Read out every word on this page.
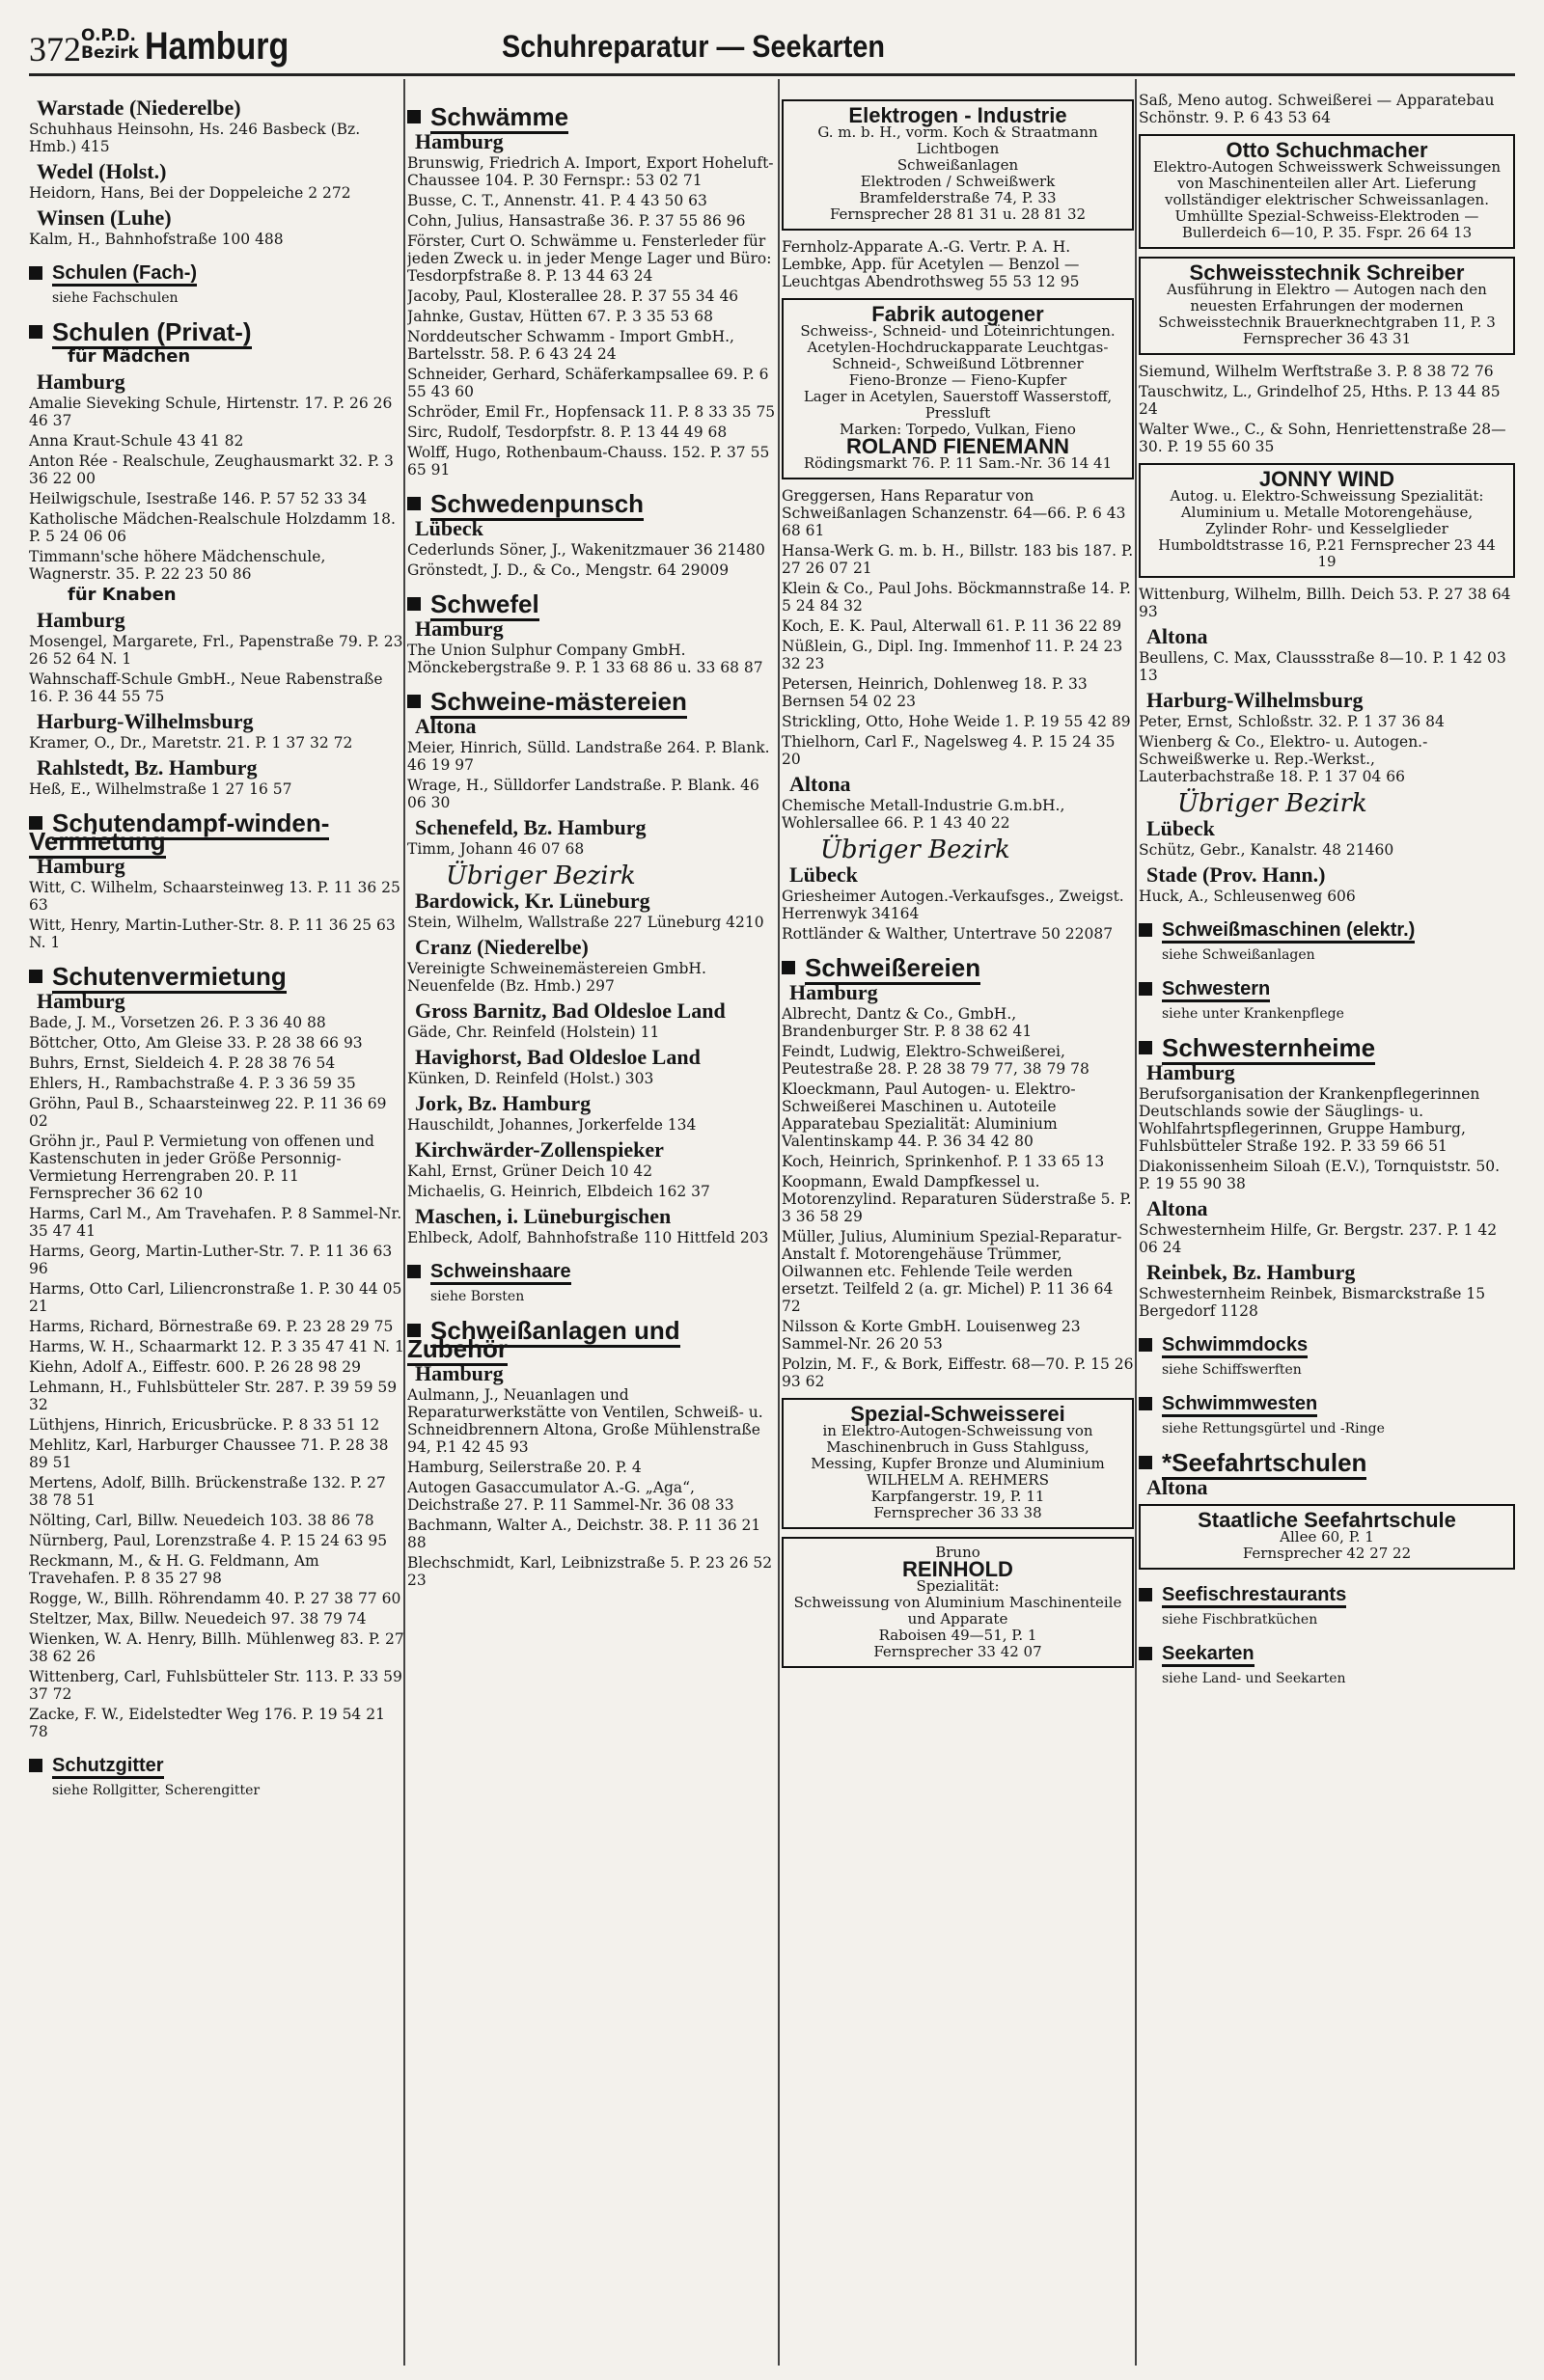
372 O.P.D.
Bezirk Hamburg	Schuhreparatur — Seekarten
Warstade (Niederelbe)
Schuhhaus Heinsohn, Hs. 246 Basbeck (Bz. Hmb.) 415
Wedel (Holst.)
Heidorn, Hans, Bei der Doppeleiche 2 272
Winsen (Luhe)
Kalm, H., Bahnhofstraße 100 488
Schulen (Fach-)
siehe Fachschulen
Schulen (Privat-)
für Mädchen
Hamburg
Amalie Sieveking Schule, Hirtenstr. 17. P. 26 26 46 37
Anna Kraut-Schule 43 41 82
Anton Rée - Realschule, Zeughausmarkt 32. P. 3 36 22 00
Heilwigschule, Isestraße 146. P. 57 52 33 34
Katholische Mädchen-Realschule Holzdamm 18. P. 5 24 06 06
Timmann'sche höhere Mädchenschule, Wagnerstr. 35. P. 22 23 50 86
für Knaben
Hamburg
Mosengel, Margarete, Frl., Papenstraße 79. P. 23 26 52 64 N. 1
Wahnschaff-Schule GmbH., Neue Rabenstraße 16. P. 36 44 55 75
Harburg-Wilhelmsburg
Kramer, O., Dr., Maretstr. 21. P. 1 37 32 72
Rahlstedt, Bz. Hamburg
Heß, E., Wilhelmstraße 1 27 16 57
Schutendampf-winden-Vermietung
Hamburg
Witt, C. Wilhelm, Schaarsteinweg 13. P. 11 36 25 63
Witt, Henry, Martin-Luther-Str. 8. P. 11 36 25 63 N. 1
Schutenvermietung
Hamburg
Bade, J. M., Vorsetzen 26. P. 3 36 40 88
Böttcher, Otto, Am Gleise 33. P. 28 38 66 93
Buhrs, Ernst, Sieldeich 4. P. 28 38 76 54
Ehlers, H., Rambachstraße 4. P. 3 36 59 35
Gröhn, Paul B., Schaarsteinweg 22. P. 11 36 69 02
Gröhn jr., Paul P. Vermietung von offenen und Kastenschuten in jeder Größe Personnig-Vermietung Herrengraben 20. P. 11 Fernsprecher 36 62 10
Harms, Carl M., Am Travehafen. P. 8 Sammel-Nr. 35 47 41
Harms, Georg, Martin-Luther-Str. 7. P. 11 36 63 96
Harms, Otto Carl, Liliencronstraße 1. P. 30 44 05 21
Harms, Richard, Börnestraße 69. P. 23 28 29 75
Harms, W. H., Schaarmarkt 12. P. 3 35 47 41 N. 1
Kiehn, Adolf A., Eiffestr. 600. P. 26 28 98 29
Lehmann, H., Fuhlsbütteler Str. 287. P. 39 59 59 32
Lüthjens, Hinrich, Ericusbrücke. P. 8 33 51 12
Mehlitz, Karl, Harburger Chaussee 71. P. 28 38 89 51
Mertens, Adolf, Billh. Brückenstraße 132. P. 27 38 78 51
Nölting, Carl, Billw. Neuedeich 103. 38 86 78
Nürnberg, Paul, Lorenzstraße 4. P. 15 24 63 95
Reckmann, M., & H. G. Feldmann, Am Travehafen. P. 8 35 27 98
Rogge, W., Billh. Röhrendamm 40. P. 27 38 77 60
Steltzer, Max, Billw. Neuedeich 97. 38 79 74
Wienken, W. A. Henry, Billh. Mühlenweg 83. P. 27 38 62 26
Wittenberg, Carl, Fuhlsbütteler Str. 113. P. 33 59 37 72
Zacke, F. W., Eidelstedter Weg 176. P. 19 54 21 78
Schutzgitter
siehe Rollgitter, Scherengitter
Schwämme
Hamburg
Brunswig, Friedrich A. Import, Export Hoheluft-Chaussee 104. P. 30 Fernspr.: 53 02 71
Busse, C. T., Annenstr. 41. P. 4 43 50 63
Cohn, Julius, Hansastraße 36. P. 37 55 86 96
Förster, Curt O. Schwämme u. Fensterleder für jeden Zweck u. in jeder Menge Lager und Büro: Tesdorpfstraße 8. P. 13 44 63 24
Jacoby, Paul, Klosterallee 28. P. 37 55 34 46
Jahnke, Gustav, Hütten 67. P. 3 35 53 68
Norddeutscher Schwamm - Import GmbH., Bartelsstr. 58. P. 6 43 24 24
Schneider, Gerhard, Schäferkampsallee 69. P. 6 55 43 60
Schröder, Emil Fr., Hopfensack 11. P. 8 33 35 75
Sirc, Rudolf, Tesdorpfstr. 8. P. 13 44 49 68
Wolff, Hugo, Rothenbaum-Chauss. 152. P. 37 55 65 91
Schwedenpunsch
Lübeck
Cederlunds Söner, J., Wakenitzmauer 36 21480
Grönstedt, J. D., & Co., Mengstr. 64 29009
Schwefel
Hamburg
The Union Sulphur Company GmbH. Mönckebergstraße 9. P. 1 33 68 86 u. 33 68 87
Schweine-mästereien
Altona
Meier, Hinrich, Sülld. Landstraße 264. P. Blank. 46 19 97
Wrage, H., Sülldorfer Landstraße. P. Blank. 46 06 30
Schenefeld, Bz. Hamburg
Timm, Johann 46 07 68
Übriger Bezirk
Bardowick, Kr. Lüneburg
Stein, Wilhelm, Wallstraße 227 Lüneburg 4210
Cranz (Niederelbe)
Vereinigte Schweinemästereien GmbH. Neuenfelde (Bz. Hmb.) 297
Gross Barnitz, Bad Oldesloe Land
Gäde, Chr. Reinfeld (Holstein) 11
Havighorst, Bad Oldesloe Land
Künken, D. Reinfeld (Holst.) 303
Jork, Bz. Hamburg
Hauschildt, Johannes, Jorkerfelde 134
Kirchwärder-Zollenspieker
Kahl, Ernst, Grüner Deich 10 42
Michaelis, G. Heinrich, Elbdeich 162 37
Maschen, i. Lüneburgischen
Ehlbeck, Adolf, Bahnhofstraße 110 Hittfeld 203
Schweinshaare
siehe Borsten
Schweißanlagen und Zubehör
Hamburg
Aulmann, J., Neuanlagen und Reparaturwerkstätte von Ventilen, Schweiß- u. Schneidbrennern Altona, Große Mühlenstraße 94, P.1 42 45 93
Hamburg, Seilerstraße 20. P. 4
Autogen Gasaccumulator A.-G. „Aga“, Deichstraße 27. P. 11 Sammel-Nr. 36 08 33
Bachmann, Walter A., Deichstr. 38. P. 11 36 21 88
Blechschmidt, Karl, Leibnizstraße 5. P. 23 26 52 23
Elektrogen - Industrie
G. m. b. H., vorm. Koch & Straatmann
Lichtbogen
Schweißanlagen
Elektroden / Schweißwerk
Bramfelderstraße 74, P. 33
Fernsprecher 28 81 31 u. 28 81 32
Fernholz-Apparate A.-G. Vertr. P. A. H. Lembke, App. für Acetylen — Benzol — Leuchtgas Abendrothsweg 55 53 12 95
Fabrik autogener
Schweiss-, Schneid- und Löteinrichtungen.
Acetylen-Hochdruckapparate Leuchtgas-Schneid-, Schweißund Lötbrenner
Fieno-Bronze — Fieno-Kupfer
Lager in Acetylen, Sauerstoff Wasserstoff, Pressluft
Marken: Torpedo, Vulkan, Fieno
ROLAND FIENEMANN
Rödingsmarkt 76. P. 11 Sam.-Nr. 36 14 41
Greggersen, Hans Reparatur von Schweißanlagen Schanzenstr. 64—66. P. 6 43 68 61
Hansa-Werk G. m. b. H., Billstr. 183 bis 187. P. 27 26 07 21
Klein & Co., Paul Johs. Böckmannstraße 14. P. 5 24 84 32
Koch, E. K. Paul, Alterwall 61. P. 11 36 22 89
Nüßlein, G., Dipl. Ing. Immenhof 11. P. 24 23 32 23
Petersen, Heinrich, Dohlenweg 18. P. 33 Bernsen 54 02 23
Strickling, Otto, Hohe Weide 1. P. 19 55 42 89
Thielhorn, Carl F., Nagelsweg 4. P. 15 24 35 20
Altona
Chemische Metall-Industrie G.m.bH., Wohlersallee 66. P. 1 43 40 22
Übriger Bezirk
Lübeck
Griesheimer Autogen.-Verkaufsges., Zweigst. Herrenwyk 34164
Rottländer & Walther, Untertrave 50 22087
Schweißereien
Hamburg
Albrecht, Dantz & Co., GmbH., Brandenburger Str. P. 8 38 62 41
Feindt, Ludwig, Elektro-Schweißerei, Peutestraße 28. P. 28 38 79 77, 38 79 78
Kloeckmann, Paul Autogen- u. Elektro-Schweißerei Maschinen u. Autoteile Apparatebau Spezialität: Aluminium Valentinskamp 44. P. 36 34 42 80
Koch, Heinrich, Sprinkenhof. P. 1 33 65 13
Koopmann, Ewald Dampfkessel u. Motorenzylind. Reparaturen Süderstraße 5. P. 3 36 58 29
Müller, Julius, Aluminium Spezial-Reparatur-Anstalt f. Motorengehäuse Trümmer, Oilwannen etc. Fehlende Teile werden ersetzt. Teilfeld 2 (a. gr. Michel) P. 11 36 64 72
Nilsson & Korte GmbH. Louisenweg 23 Sammel-Nr. 26 20 53
Polzin, M. F., & Bork, Eiffestr. 68—70. P. 15 26 93 62
Spezial-Schweisserei
in Elektro-Autogen-Schweissung von Maschinenbruch in Guss Stahlguss, Messing, Kupfer Bronze und Aluminium
WILHELM A. REHMERS
Karpfangerstr. 19, P. 11
Fernsprecher 36 33 38
Bruno
REINHOLD
Spezialität:
Schweissung von Aluminium Maschinenteile und Apparate
Raboisen 49—51, P. 1
Fernsprecher 33 42 07
Saß, Meno autog. Schweißerei — Apparatebau Schönstr. 9. P. 6 43 53 64
Otto Schuchmacher
Elektro-Autogen Schweisswerk Schweissungen von Maschinenteilen aller Art. Lieferung vollständiger elektrischer Schweissanlagen. Umhüllte Spezial-Schweiss-Elektroden — Bullerdeich 6—10, P. 35. Fspr. 26 64 13
Schweisstechnik Schreiber
Ausführung in Elektro — Autogen nach den neuesten Erfahrungen der modernen Schweisstechnik Brauerknechtgraben 11, P. 3 Fernsprecher 36 43 31
Siemund, Wilhelm Werftstraße 3. P. 8 38 72 76
Tauschwitz, L., Grindelhof 25, Hths. P. 13 44 85 24
Walter Wwe., C., & Sohn, Henriettenstraße 28—30. P. 19 55 60 35
JONNY WIND
Autog. u. Elektro-Schweissung Spezialität: Aluminium u. Metalle Motorengehäuse, Zylinder Rohr- und Kesselglieder Humboldtstrasse 16, P.21 Fernsprecher 23 44 19
Wittenburg, Wilhelm, Billh. Deich 53. P. 27 38 64 93
Altona
Beullens, C. Max, Claussstraße 8—10. P. 1 42 03 13
Harburg-Wilhelmsburg
Peter, Ernst, Schloßstr. 32. P. 1 37 36 84
Wienberg & Co., Elektro- u. Autogen.-Schweißwerke u. Rep.-Werkst., Lauterbachstraße 18. P. 1 37 04 66
Übriger Bezirk
Lübeck
Schütz, Gebr., Kanalstr. 48 21460
Stade (Prov. Hann.)
Huck, A., Schleusenweg 606
Schweißmaschinen (elektr.)
siehe Schweißanlagen
Schwestern
siehe unter Krankenpflege
Schwesternheime
Hamburg
Berufsorganisation der Krankenpflegerinnen Deutschlands sowie der Säuglings- u. Wohlfahrtspflegerinnen, Gruppe Hamburg, Fuhlsbütteler Straße 192. P. 33 59 66 51
Diakonissenheim Siloah (E.V.), Tornquiststr. 50. P. 19 55 90 38
Altona
Schwesternheim Hilfe, Gr. Bergstr. 237. P. 1 42 06 24
Reinbek, Bz. Hamburg
Schwesternheim Reinbek, Bismarckstraße 15 Bergedorf 1128
Schwimmdocks
siehe Schiffswerften
Schwimmwesten
siehe Rettungsgürtel und -Ringe
*Seefahrtschulen
Altona
Staatliche Seefahrtschule
Allee 60, P. 1
Fernsprecher 42 27 22
Seefischrestaurants
siehe Fischbratküchen
Seekarten
siehe Land- und Seekarten
